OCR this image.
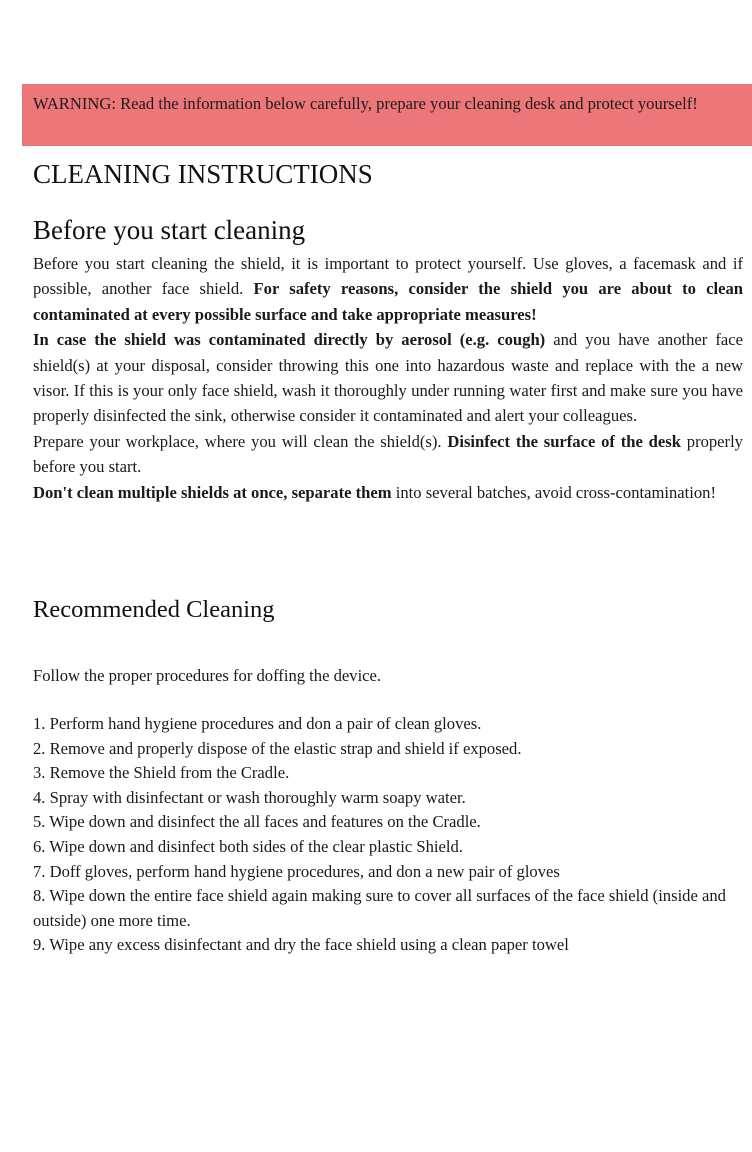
WARNING: Read the information below carefully, prepare your cleaning desk and protect yourself!
CLEANING INSTRUCTIONS
Before you start cleaning

Before you start cleaning the shield, it is important to protect yourself. Use gloves, a facemask and if possible, another face shield. For safety reasons, consider the shield you are about to clean contaminated at every possible surface and take appropriate measures!

In case the shield was contaminated directly by aerosol (e.g. cough) and you have another face shield(s) at your disposal, consider throwing this one into hazardous waste and replace with the a new visor. If this is your only face shield, wash it thoroughly under running water first and make sure you have properly disinfected the sink, otherwise consider it contaminated and alert your colleagues.

Prepare your workplace, where you will clean the shield(s). Disinfect the surface of the desk properly before you start.

Don't clean multiple shields at once, separate them into several batches, avoid cross-contamination!

Recommended Cleaning
Follow the proper procedures for doffing the device.
1. Perform hand hygiene procedures and don a pair of clean gloves.
2. Remove and properly dispose of the elastic strap and shield if exposed.
3. Remove the Shield from the Cradle.
4. Spray with disinfectant or wash thoroughly warm soapy water.
5. Wipe down and disinfect the all faces and features on the Cradle.
6. Wipe down and disinfect both sides of the clear plastic Shield.
7. Doff gloves, perform hand hygiene procedures, and don a new pair of gloves
8. Wipe down the entire face shield again making sure to cover all surfaces of the face shield (inside and outside) one more time.
9. Wipe any excess disinfectant and dry the face shield using a clean paper towel
